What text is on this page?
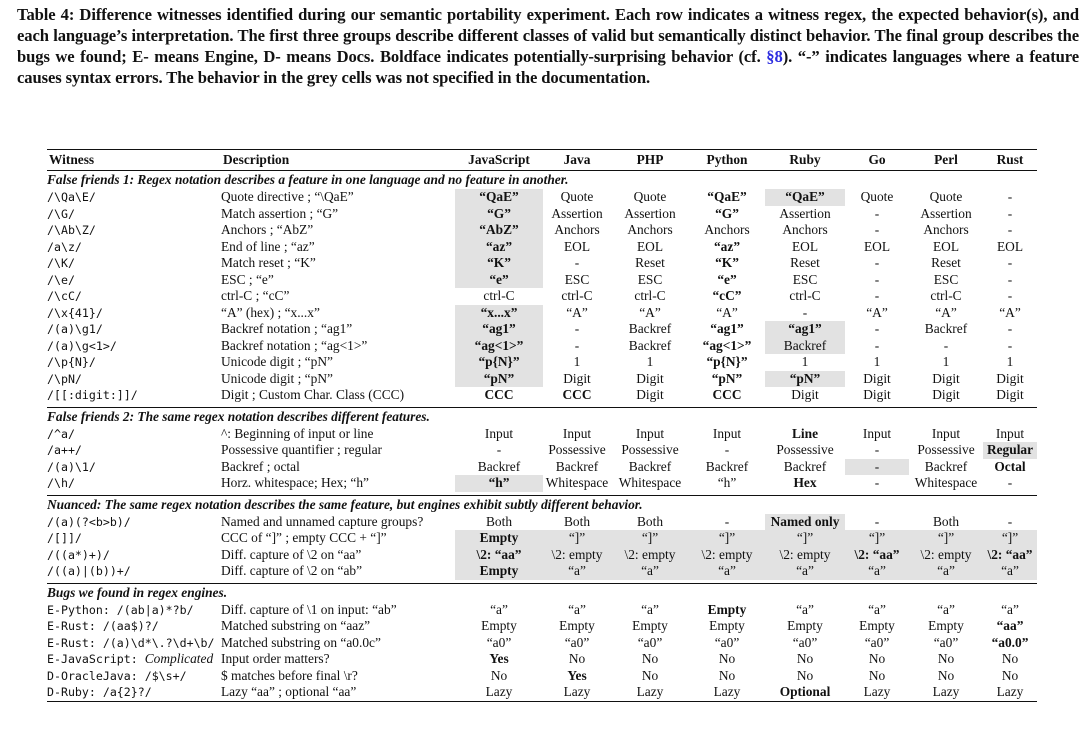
Table 4: Difference witnesses identified during our semantic portability experiment. Each row indicates a witness regex, the expected behavior(s), and each language’s interpretation. The first three groups describe different classes of valid but semantically distinct behavior. The final group describes the bugs we found; E- means Engine, D- means Docs. Boldface indicates potentially-surprising behavior (cf. §8). “-” indicates languages where a feature causes syntax errors. The behavior in the grey cells was not specified in the documentation.
Witness	Description	JavaScript	Java	PHP	Python	Ruby	Go	Perl	Rust
False friends 1: Regex notation describes a feature in one language and no feature in another.									
/\Qa\E/	Quote directive ; “\QaE”	“QaE”	Quote	Quote	“QaE”	“QaE”	Quote	Quote	-
/\G/	Match assertion ; “G”	“G”	Assertion	Assertion	“G”	Assertion	-	Assertion	-
/\Ab\Z/	Anchors ; “AbZ”	“AbZ”	Anchors	Anchors	Anchors	Anchors	-	Anchors	-
/a\z/	End of line ; “az”	“az”	EOL	EOL	“az”	EOL	EOL	EOL	EOL
/\K/	Match reset ; “K”	“K”	-	Reset	“K”	Reset	-	Reset	-
/\e/	ESC ; “e”	“e”	ESC	ESC	“e”	ESC	-	ESC	-
/\cC/	ctrl-C ; “cC”	ctrl-C	ctrl-C	ctrl-C	“cC”	ctrl-C	-	ctrl-C	-
/\x{41}/	“A” (hex) ; “x...x”	“x...x”	“A”	“A”	“A”	-	“A”	“A”	“A”
/(a)\g1/	Backref notation ; “ag1”	“ag1”	-	Backref	“ag1”	“ag1”	-	Backref	-
/(a)\g<1>/	Backref notation ; “ag<1>”	“ag<1>”	-	Backref	“ag<1>”	Backref	-	-	-
/\p{N}/	Unicode digit ; “pN”	“p{N}”	1	1	“p{N}”	1	1	1	1
/\pN/	Unicode digit ; “pN”	“pN”	Digit	Digit	“pN”	“pN”	Digit	Digit	Digit
/[[:digit:]]/	Digit ; Custom Char. Class (CCC)	CCC	CCC	Digit	CCC	Digit	Digit	Digit	Digit

False friends 2: The same regex notation describes different features.									
/^a/	^: Beginning of input or line	Input	Input	Input	Input	Line	Input	Input	Input
/a++/	Possessive quantifier ; regular	-	Possessive	Possessive	-	Possessive	-	Possessive	Regular
/(a)\1/	Backref ; octal	Backref	Backref	Backref	Backref	Backref	-	Backref	Octal
/\h/	Horz. whitespace; Hex; “h”	“h”	Whitespace	Whitespace	“h”	Hex	-	Whitespace	-

Nuanced: The same regex notation describes the same feature, but engines exhibit subtly different behavior.									
/(a)(?<b>b)/	Named and unnamed capture groups?	Both	Both	Both	-	Named only	-	Both	-
/[]]/	CCC of “]” ; empty CCC + “]”	Empty	“]”	“]”	“]”	“]”	“]”	“]”	“]”
/((a*)+)/	Diff. capture of \2 on “aa”	\2: “aa”	\2: empty	\2: empty	\2: empty	\2: empty	\2: “aa”	\2: empty	\2: “aa”
/((a)|(b))+/	Diff. capture of \2 on “ab”	Empty	“a”	“a”	“a”	“a”	“a”	“a”	“a”

Bugs we found in regex engines.									
E-Python: /(ab|a)*?b/	Diff. capture of \1 on input: “ab”	“a”	“a”	“a”	Empty	“a”	“a”	“a”	“a”
E-Rust: /(aa$)?/	Matched substring on “aaz”	Empty	Empty	Empty	Empty	Empty	Empty	Empty	“aa”
E-Rust: /(a)\d*\.?\d+\b/	Matched substring on “a0.0c”	“a0”	“a0”	“a0”	“a0”	“a0”	“a0”	“a0”	“a0.0”
E-JavaScript: Complicated	Input order matters?	Yes	No	No	No	No	No	No	No
D-OracleJava: /$\s+/	$ matches before final \r?	No	Yes	No	No	No	No	No	No
D-Ruby: /a{2}?/	Lazy “aa” ; optional “aa”	Lazy	Lazy	Lazy	Lazy	Optional	Lazy	Lazy	Lazy
